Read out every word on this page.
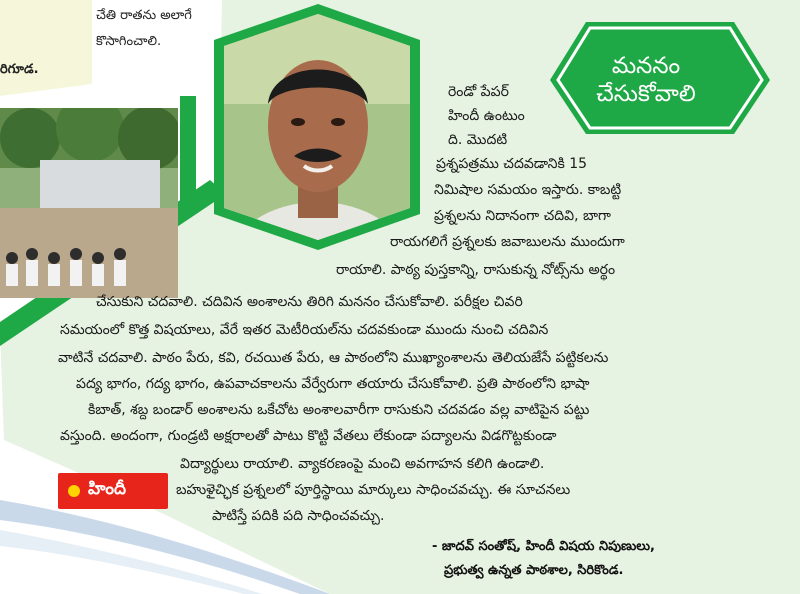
చేతి రాతను అలాగే
కొసాగించాలి.
రిగూడ.	మననం
చేసుకోవాలి
రెండో పేపర్
హిందీ ఉంటుం
ది. మొదటి
ప్రశ్నపత్రము చదవడానికి 15
నిమిషాల సమయం ఇస్తారు. కాబట్టి
ప్రశ్నలను నిదానంగా చదివి, బాగా
రాయగలిగే ప్రశ్నలకు జవాబులను ముందుగా
రాయాలి. పాఠ్య పుస్తకాన్ని, రాసుకున్న నోట్స్‌ను అర్థం
చేసుకుని చదవాలి. చదివిన అంశాలను తిరిగి మననం చేసుకోవాలి. పరీక్షల చివరి
సమయంలో కొత్త విషయాలు, వేరే ఇతర మెటీరియల్‌ను చదవకుండా ముందు నుంచి చదివిన
వాటినే చదవాలి. పాఠం పేరు, కవి, రచయిత పేరు, ఆ పాఠంలోని ముఖ్యాంశాలను తెలియజేసే పట్టికలను
పద్య భాగం, గద్య భాగం, ఉపవాచకాలను వేర్వేరుగా తయారు చేసుకోవాలి. ప్రతి పాఠంలోని భాషా
కిబాత్, శబ్ద బండార్ అంశాలను ఒకేచోట అంశాలవారీగా రాసుకుని చదవడం వల్ల వాటిపైన పట్టు
వస్తుంది. అందంగా, గుండ్రటి అక్షరాలతో పాటు కొట్టి వేతలు లేకుండా పద్యాలను విడగొట్టకుండా
విద్యార్థులు రాయాలి. వ్యాకరణంపై మంచి అవగాహన కలిగి ఉండాలి.
బహుళైచ్ఛిక ప్రశ్నలలో పూర్తిస్థాయి మార్కులు సాధించవచ్చు. ఈ సూచనలు
పాటిస్తే పదికి పది సాధించవచ్చు.
హిందీ
- జాదవ్ సంతోష్, హిందీ విషయ నిపుణులు,
ప్రభుత్వ ఉన్నత పాఠశాల, సిరికొండ.
